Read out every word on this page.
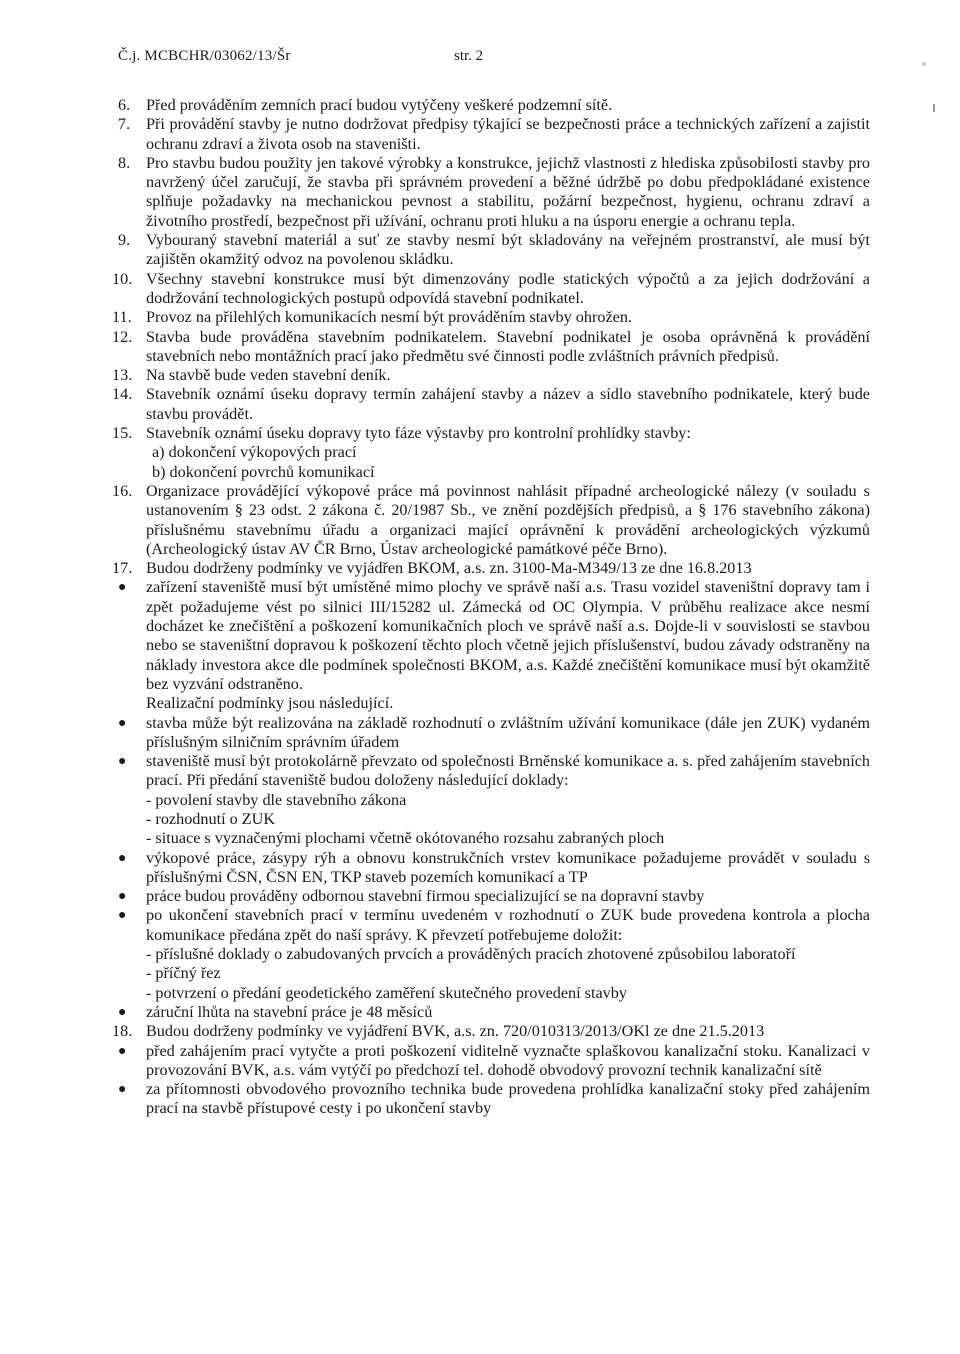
Č.j. MCBCHR/03062/13/Šr	str. 2
6. Před prováděním zemních prací budou vytýčeny veškeré podzemní sítě.
7. Při provádění stavby je nutno dodržovat předpisy týkající se bezpečnosti práce a technických zařízení a zajistit ochranu zdraví a života osob na staveništi.
8. Pro stavbu budou použity jen takové výrobky a konstrukce, jejichž vlastnosti z hlediska způsobilosti stavby pro navržený účel zaručují, že stavba při správném provedení a běžné údržbě po dobu předpokládané existence splňuje požadavky na mechanickou pevnost a stabilitu, požární bezpečnost, hygienu, ochranu zdraví a životního prostředí, bezpečnost při užívání, ochranu proti hluku a na úsporu energie a ochranu tepla.
9. Vybouraný stavební materiál a suť ze stavby nesmí být skladovány na veřejném prostranství, ale musí být zajištěn okamžitý odvoz na povolenou skládku.
10. Všechny stavební konstrukce musí být dimenzovány podle statických výpočtů a za jejich dodržování a dodržování technologických postupů odpovídá stavební podnikatel.
11. Provoz na přilehlých komunikacích nesmí být prováděním stavby ohrožen.
12. Stavba bude prováděna stavebním podnikatelem. Stavební podnikatel je osoba oprávněná k provádění stavebních nebo montážních prací jako předmětu své činnosti podle zvláštních právních předpisů.
13. Na stavbě bude veden stavební deník.
14. Stavebník oznámí úseku dopravy termín zahájení stavby a název a sídlo stavebního podnikatele, který bude stavbu provádět.
15. Stavebník oznámí úseku dopravy tyto fáze výstavby pro kontrolní prohlídky stavby:
a) dokončení výkopových prací
b) dokončení povrchů komunikací
16. Organizace provádějící výkopové práce má povinnost nahlásit případné archeologické nálezy (v souladu s ustanovením § 23 odst. 2 zákona č. 20/1987 Sb., ve znění pozdějších předpisů, a § 176 stavebního zákona) příslušnému stavebnímu úřadu a organizaci mající oprávnění k provádění archeologických výzkumů (Archeologický ústav AV ČR Brno, Ústav archeologické památkové péče Brno).
17. Budou dodrženy podmínky ve vyjádřen BKOM, a.s. zn. 3100-Ma-M349/13 ze dne 16.8.2013
●	zařízení staveniště musí být umístěné mimo plochy ve správě naší a.s. Trasu vozidel staveništní dopravy tam i zpět požadujeme vést po silnici III/15282 ul. Zámecká od OC Olympia. V průběhu realizace akce nesmí docházet ke znečištění a poškození komunikačních ploch ve správě naší a.s. Dojde-li v souvislosti se stavbou nebo se staveništní dopravou k poškození těchto ploch včetně jejich příslušenství, budou závady odstraněny na náklady investora akce dle podmínek společnosti BKOM, a.s. Každé znečištění komunikace musí být okamžitě bez vyzvání odstraněno.
Realizační podmínky jsou následující.
●	stavba může být realizována na základě rozhodnutí o zvláštním užívání komunikace (dále jen ZUK) vydaném příslušným silničním správním úřadem
●	staveniště musí být protokolárně převzato od společnosti Brněnské komunikace a. s. před zahájením stavebních prací. Při předání staveniště budou doloženy následující doklady:
- povolení stavby dle stavebního zákona
- rozhodnutí o ZUK
- situace s vyznačenými plochami včetně okótovaného rozsahu zabraných ploch
●	výkopové práce, zásypy rýh a obnovu konstrukčních vrstev komunikace požadujeme provádět v souladu s příslušnými ČSN, ČSN EN, TKP staveb pozemích komunikací a TP
●	práce budou prováděny odbornou stavební firmou specializující se na dopravní stavby
●	po ukončení stavebních prací v termínu uvedeném v rozhodnutí o ZUK bude provedena kontrola a plocha komunikace předána zpět do naší správy. K převzetí potřebujeme doložit:
- příslušné doklady o zabudovaných prvcích a prováděných pracích zhotovené způsobilou laboratoří
- příčný řez
- potvrzení o předání geodetického zaměření skutečného provedení stavby
●	záruční lhůta na stavební práce je 48 měsíců
18. Budou dodrženy podmínky ve vyjádření BVK, a.s. zn. 720/010313/2013/OKl ze dne 21.5.2013
●	před zahájením prací vytyčte a proti poškození viditelně vyznačte splaškovou kanalizační stoku. Kanalizaci v provozování BVK, a.s. vám vytýčí po předchozí tel. dohodě obvodový provozní technik kanalizační sítě
●	za přítomnosti obvodového provozního technika bude provedena prohlídka kanalizační stoky před zahájením prací na stavbě přístupové cesty i po ukončení stavby
